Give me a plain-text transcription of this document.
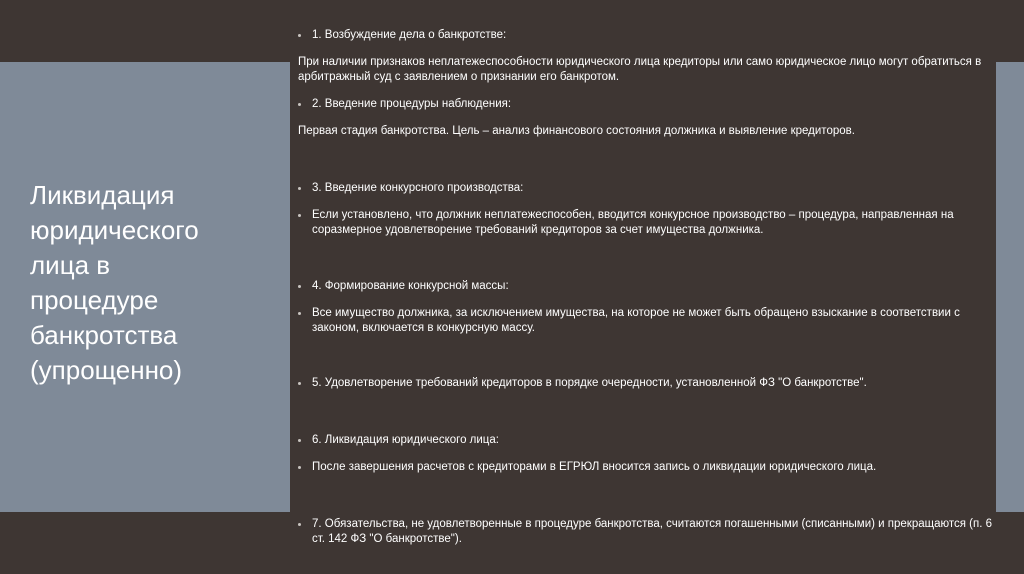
Ликвидация
юридического
лица в
процедуре
банкротства
(упрощенно)
1. Возбуждение дела о банкротстве:
При наличии признаков неплатежеспособности юридического лица кредиторы или само юридическое лицо могут обратиться в арбитражный суд с заявлением о признании его банкротом.
2. Введение процедуры наблюдения:
Первая стадия банкротства. Цель – анализ финансового состояния должника и выявление кредиторов.
3. Введение конкурсного производства:
Если установлено, что должник неплатежеспособен, вводится конкурсное производство – процедура, направленная на соразмерное удовлетворение требований кредиторов за счет имущества должника.
4. Формирование конкурсной массы:
Все имущество должника, за исключением имущества, на которое не может быть обращено взыскание в соответствии с законом, включается в конкурсную массу.
5. Удовлетворение требований кредиторов в порядке очередности, установленной ФЗ "О банкротстве".
6. Ликвидация юридического лица:
После завершения расчетов с кредиторами в ЕГРЮЛ вносится запись о ликвидации юридического лица.
7. Обязательства, не удовлетворенные в процедуре банкротства, считаются погашенными (списанными) и прекращаются (п. 6 ст. 142 ФЗ "О банкротстве").
